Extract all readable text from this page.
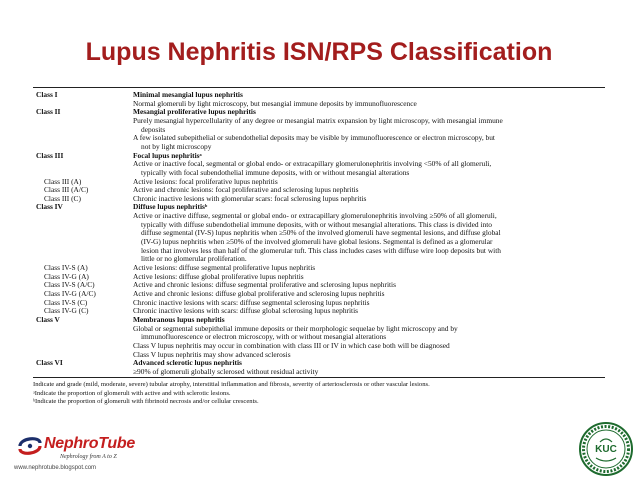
Lupus Nephritis ISN/RPS Classification
Class I	Minimal mesangial lupus nephritis
Normal glomeruli by light microscopy, but mesangial immune deposits by immunofluorescence
Class II	Mesangial proliferative lupus nephritis
Purely mesangial hypercellularity of any degree or mesangial matrix expansion by light microscopy, with mesangial immune
deposits
A few isolated subepithelial or subendothelial deposits may be visible by immunofluorescence or electron microscopy, but
not by light microscopy
Class III	Focal lupus nephritisᵃ
Active or inactive focal, segmental or global endo- or extracapillary glomerulonephritis involving <50% of all glomeruli,
typically with focal subendothelial immune deposits, with or without mesangial alterations
Class III (A)	Active lesions: focal proliferative lupus nephritis
Class III (A/C)	Active and chronic lesions: focal proliferative and sclerosing lupus nephritis
Class III (C)	Chronic inactive lesions with glomerular scars: focal sclerosing lupus nephritis
Class IV	Diffuse lupus nephritisᵇ
Active or inactive diffuse, segmental or global endo- or extracapillary glomerulonephritis involving ≥50% of all glomeruli,
typically with diffuse subendothelial immune deposits, with or without mesangial alterations. This class is divided into
diffuse segmental (IV-S) lupus nephritis when ≥50% of the involved glomeruli have segmental lesions, and diffuse global
(IV-G) lupus nephritis when ≥50% of the involved glomeruli have global lesions. Segmental is defined as a glomerular
lesion that involves less than half of the glomerular tuft. This class includes cases with diffuse wire loop deposits but with
little or no glomerular proliferation.
Class IV-S (A)	Active lesions: diffuse segmental proliferative lupus nephritis
Class IV-G (A)	Active lesions: diffuse global proliferative lupus nephritis
Class IV-S (A/C)	Active and chronic lesions: diffuse segmental proliferative and sclerosing lupus nephritis
Class IV-G (A/C)	Active and chronic lesions: diffuse global proliferative and sclerosing lupus nephritis
Class IV-S (C)	Chronic inactive lesions with scars: diffuse segmental sclerosing lupus nephritis
Class IV-G (C)	Chronic inactive lesions with scars: diffuse global sclerosing lupus nephritis
Class V	Membranous lupus nephritis
Global or segmental subepithelial immune deposits or their morphologic sequelae by light microscopy and by
immunofluorescence or electron microscopy, with or without mesangial alterations
Class V lupus nephritis may occur in combination with class III or IV in which case both will be diagnosed
Class V lupus nephritis may show advanced sclerosis
Class VI	Advanced sclerotic lupus nephritis
≥90% of glomeruli globally sclerosed without residual activity
Indicate and grade (mild, moderate, severe) tubular atrophy, interstitial inflammation and fibrosis, severity of arteriosclerosis or other vascular lesions.
ᵃIndicate the proportion of glomeruli with active and with sclerotic lesions.
ᵇIndicate the proportion of glomeruli with fibrinoid necrosis and/or cellular crescents.
NephroTube
Nephrology from A to Z
www.nephrotube.blogspot.com
KUC
